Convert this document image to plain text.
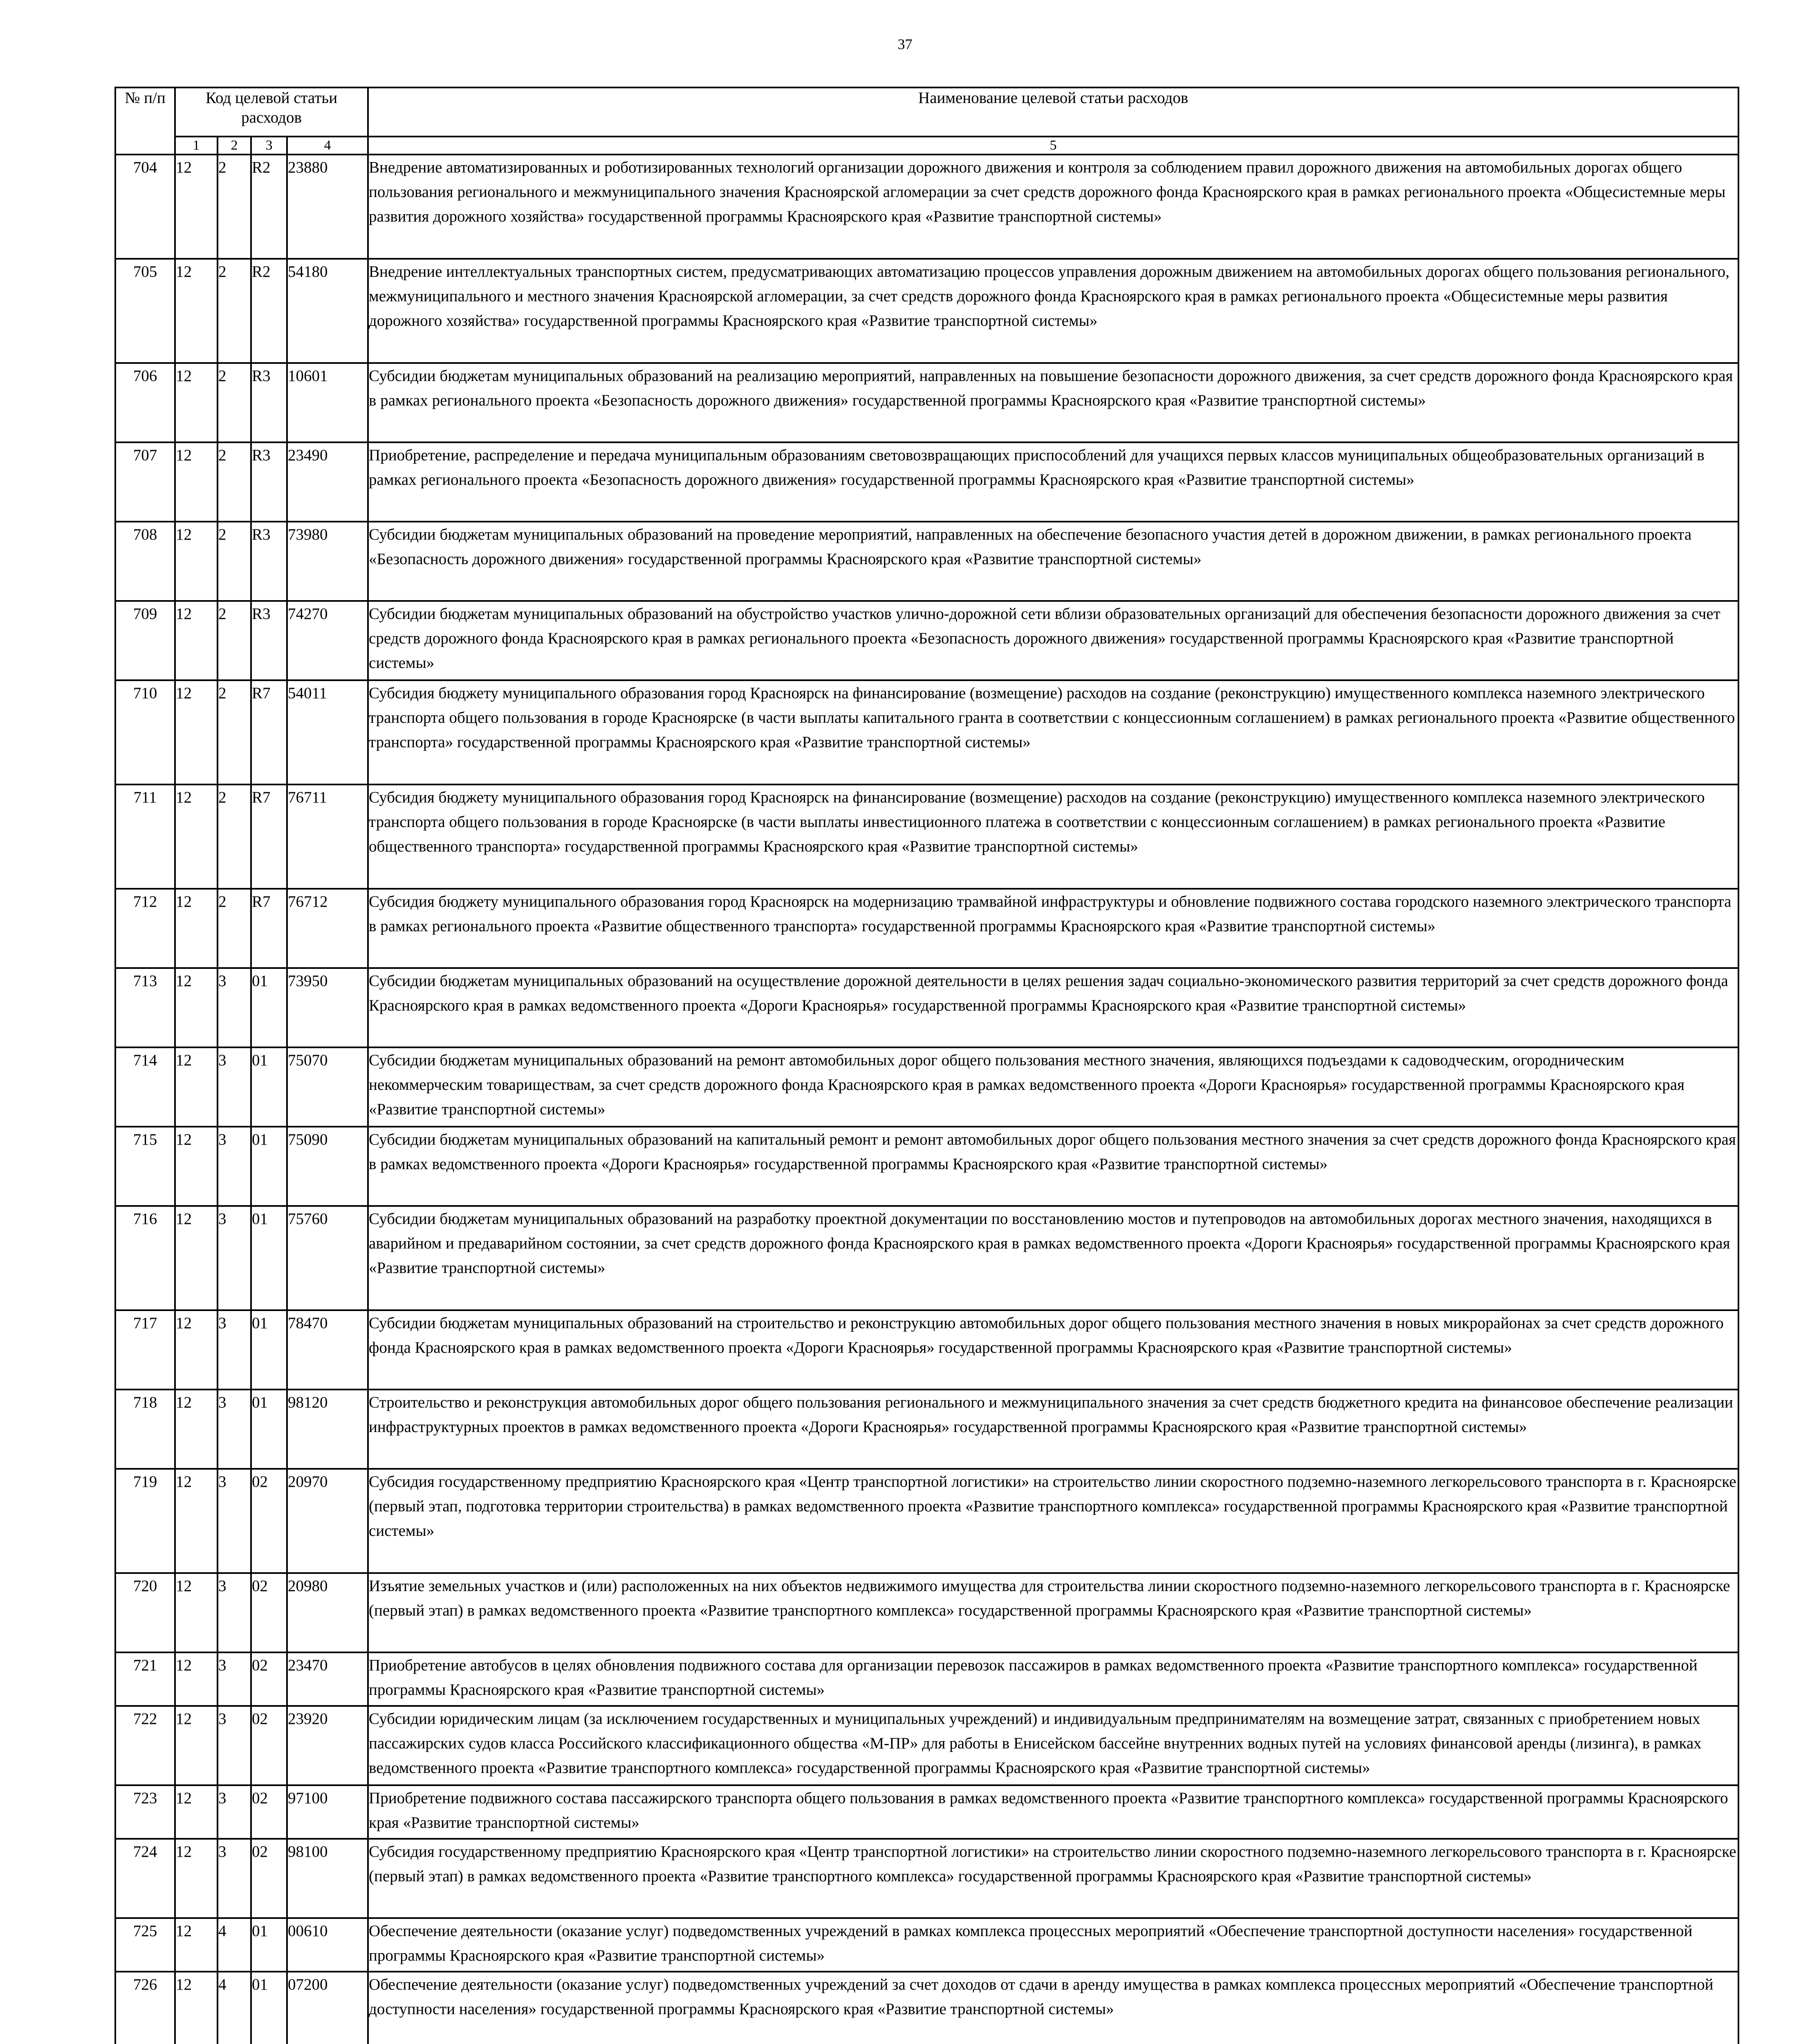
37
№ п/п	Код целевой статьи расходов				Наименование целевой статьи расходов
	1	2	3	4	5
704	12	2	R2	23880	Внедрение автоматизированных и роботизированных технологий организации дорожного движения и контроля за соблюдением правил дорожного движения на автомобильных дорогах общего пользования регионального и межмуниципального значения Красноярской агломерации за счет средств дорожного фонда Красноярского края в рамках регионального проекта «Общесистемные меры развития дорожного хозяйства» государственной программы Красноярского края «Развитие транспортной системы»
705	12	2	R2	54180	Внедрение интеллектуальных транспортных систем, предусматривающих автоматизацию процессов управления дорожным движением на автомобильных дорогах общего пользования регионального, межмуниципального и местного значения Красноярской агломерации, за счет средств дорожного фонда Красноярского края в рамках регионального проекта «Общесистемные меры развития дорожного хозяйства» государственной программы Красноярского края «Развитие транспортной системы»
706	12	2	R3	10601	Субсидии бюджетам муниципальных образований на реализацию мероприятий, направленных на повышение безопасности дорожного движения, за счет средств дорожного фонда Красноярского края в рамках регионального проекта «Безопасность дорожного движения» государственной программы Красноярского края «Развитие транспортной системы»
707	12	2	R3	23490	Приобретение, распределение и передача муниципальным образованиям световозвращающих приспособлений для учащихся первых классов муниципальных общеобразовательных организаций в рамках регионального проекта «Безопасность дорожного движения» государственной программы Красноярского края «Развитие транспортной системы»
708	12	2	R3	73980	Субсидии бюджетам муниципальных образований на проведение мероприятий, направленных на обеспечение безопасного участия детей в дорожном движении, в рамках регионального проекта «Безопасность дорожного движения» государственной программы Красноярского края «Развитие транспортной системы»
709	12	2	R3	74270	Субсидии бюджетам муниципальных образований на обустройство участков улично-дорожной сети вблизи образовательных организаций для обеспечения безопасности дорожного движения за счет средств дорожного фонда Красноярского края в рамках регионального проекта «Безопасность дорожного движения» государственной программы Красноярского края «Развитие транспортной системы»
710	12	2	R7	54011	Субсидия бюджету муниципального образования город Красноярск на финансирование (возмещение) расходов на создание (реконструкцию) имущественного комплекса наземного электрического транспорта общего пользования в городе Красноярске (в части выплаты капитального гранта в соответствии с концессионным соглашением) в рамках регионального проекта «Развитие общественного транспорта» государственной программы Красноярского края «Развитие транспортной системы»
711	12	2	R7	76711	Субсидия бюджету муниципального образования город Красноярск на финансирование (возмещение) расходов на создание (реконструкцию) имущественного комплекса наземного электрического транспорта общего пользования в городе Красноярске (в части выплаты инвестиционного платежа в соответствии с концессионным соглашением) в рамках регионального проекта «Развитие общественного транспорта» государственной программы Красноярского края «Развитие транспортной системы»
712	12	2	R7	76712	Субсидия бюджету муниципального образования город Красноярск на модернизацию трамвайной инфраструктуры и обновление подвижного состава городского наземного электрического транспорта в рамках регионального проекта «Развитие общественного транспорта» государственной программы Красноярского края «Развитие транспортной системы»
713	12	3	01	73950	Субсидии бюджетам муниципальных образований на осуществление дорожной деятельности в целях решения задач социально-экономического развития территорий за счет средств дорожного фонда Красноярского края в рамках ведомственного проекта «Дороги Красноярья» государственной программы Красноярского края «Развитие транспортной системы»
714	12	3	01	75070	Субсидии бюджетам муниципальных образований на ремонт автомобильных дорог общего пользования местного значения, являющихся подъездами к садоводческим, огородническим некоммерческим товариществам, за счет средств дорожного фонда Красноярского края в рамках ведомственного проекта «Дороги Красноярья» государственной программы Красноярского края «Развитие транспортной системы»
715	12	3	01	75090	Субсидии бюджетам муниципальных образований на капитальный ремонт и ремонт автомобильных дорог общего пользования местного значения за счет средств дорожного фонда Красноярского края в рамках ведомственного проекта «Дороги Красноярья» государственной программы Красноярского края «Развитие транспортной системы»
716	12	3	01	75760	Субсидии бюджетам муниципальных образований на разработку проектной документации по восстановлению мостов и путепроводов на автомобильных дорогах местного значения, находящихся в аварийном и предаварийном состоянии, за счет средств дорожного фонда Красноярского края в рамках ведомственного проекта «Дороги Красноярья» государственной программы Красноярского края «Развитие транспортной системы»
717	12	3	01	78470	Субсидии бюджетам муниципальных образований на строительство и реконструкцию автомобильных дорог общего пользования местного значения в новых микрорайонах за счет средств дорожного фонда Красноярского края в рамках ведомственного проекта «Дороги Красноярья» государственной программы Красноярского края «Развитие транспортной системы»
718	12	3	01	98120	Строительство и реконструкция автомобильных дорог общего пользования регионального и межмуниципального значения за счет средств бюджетного кредита на финансовое обеспечение реализации инфраструктурных проектов в рамках ведомственного проекта «Дороги Красноярья» государственной программы Красноярского края «Развитие транспортной системы»
719	12	3	02	20970	Субсидия государственному предприятию Красноярского края «Центр транспортной логистики» на строительство линии скоростного подземно-наземного легкорельсового транспорта в г. Красноярске (первый этап, подготовка территории строительства) в рамках ведомственного проекта «Развитие транспортного комплекса» государственной программы Красноярского края «Развитие транспортной системы»
720	12	3	02	20980	Изъятие земельных участков и (или) расположенных на них объектов недвижимого имущества для строительства линии скоростного подземно-наземного легкорельсового транспорта в г. Красноярске (первый этап) в рамках ведомственного проекта «Развитие транспортного комплекса» государственной программы Красноярского края «Развитие транспортной системы»
721	12	3	02	23470	Приобретение автобусов в целях обновления подвижного состава для организации перевозок пассажиров в рамках ведомственного проекта «Развитие транспортного комплекса» государственной программы Красноярского края «Развитие транспортной системы»
722	12	3	02	23920	Субсидии юридическим лицам (за исключением государственных и муниципальных учреждений) и индивидуальным предпринимателям на возмещение затрат, связанных с приобретением новых пассажирских судов класса Российского классификационного общества «М-ПР» для работы в Енисейском бассейне внутренних водных путей на условиях финансовой аренды (лизинга), в рамках ведомственного проекта «Развитие транспортного комплекса» государственной программы Красноярского края «Развитие транспортной системы»
723	12	3	02	97100	Приобретение подвижного состава пассажирского транспорта общего пользования в рамках ведомственного проекта «Развитие транспортного комплекса» государственной программы Красноярского края «Развитие транспортной системы»
724	12	3	02	98100	Субсидия государственному предприятию Красноярского края «Центр транспортной логистики» на строительство линии скоростного подземно-наземного легкорельсового транспорта в г. Красноярске (первый этап) в рамках ведомственного проекта «Развитие транспортного комплекса» государственной программы Красноярского края «Развитие транспортной системы»
725	12	4	01	00610	Обеспечение деятельности (оказание услуг) подведомственных учреждений в рамках комплекса процессных мероприятий «Обеспечение транспортной доступности населения» государственной программы Красноярского края «Развитие транспортной системы»
726	12	4	01	07200	Обеспечение деятельности (оказание услуг) подведомственных учреждений за счет доходов от сдачи в аренду имущества в рамках комплекса процессных мероприятий «Обеспечение транспортной доступности населения» государственной программы Красноярского края «Развитие транспортной системы»
